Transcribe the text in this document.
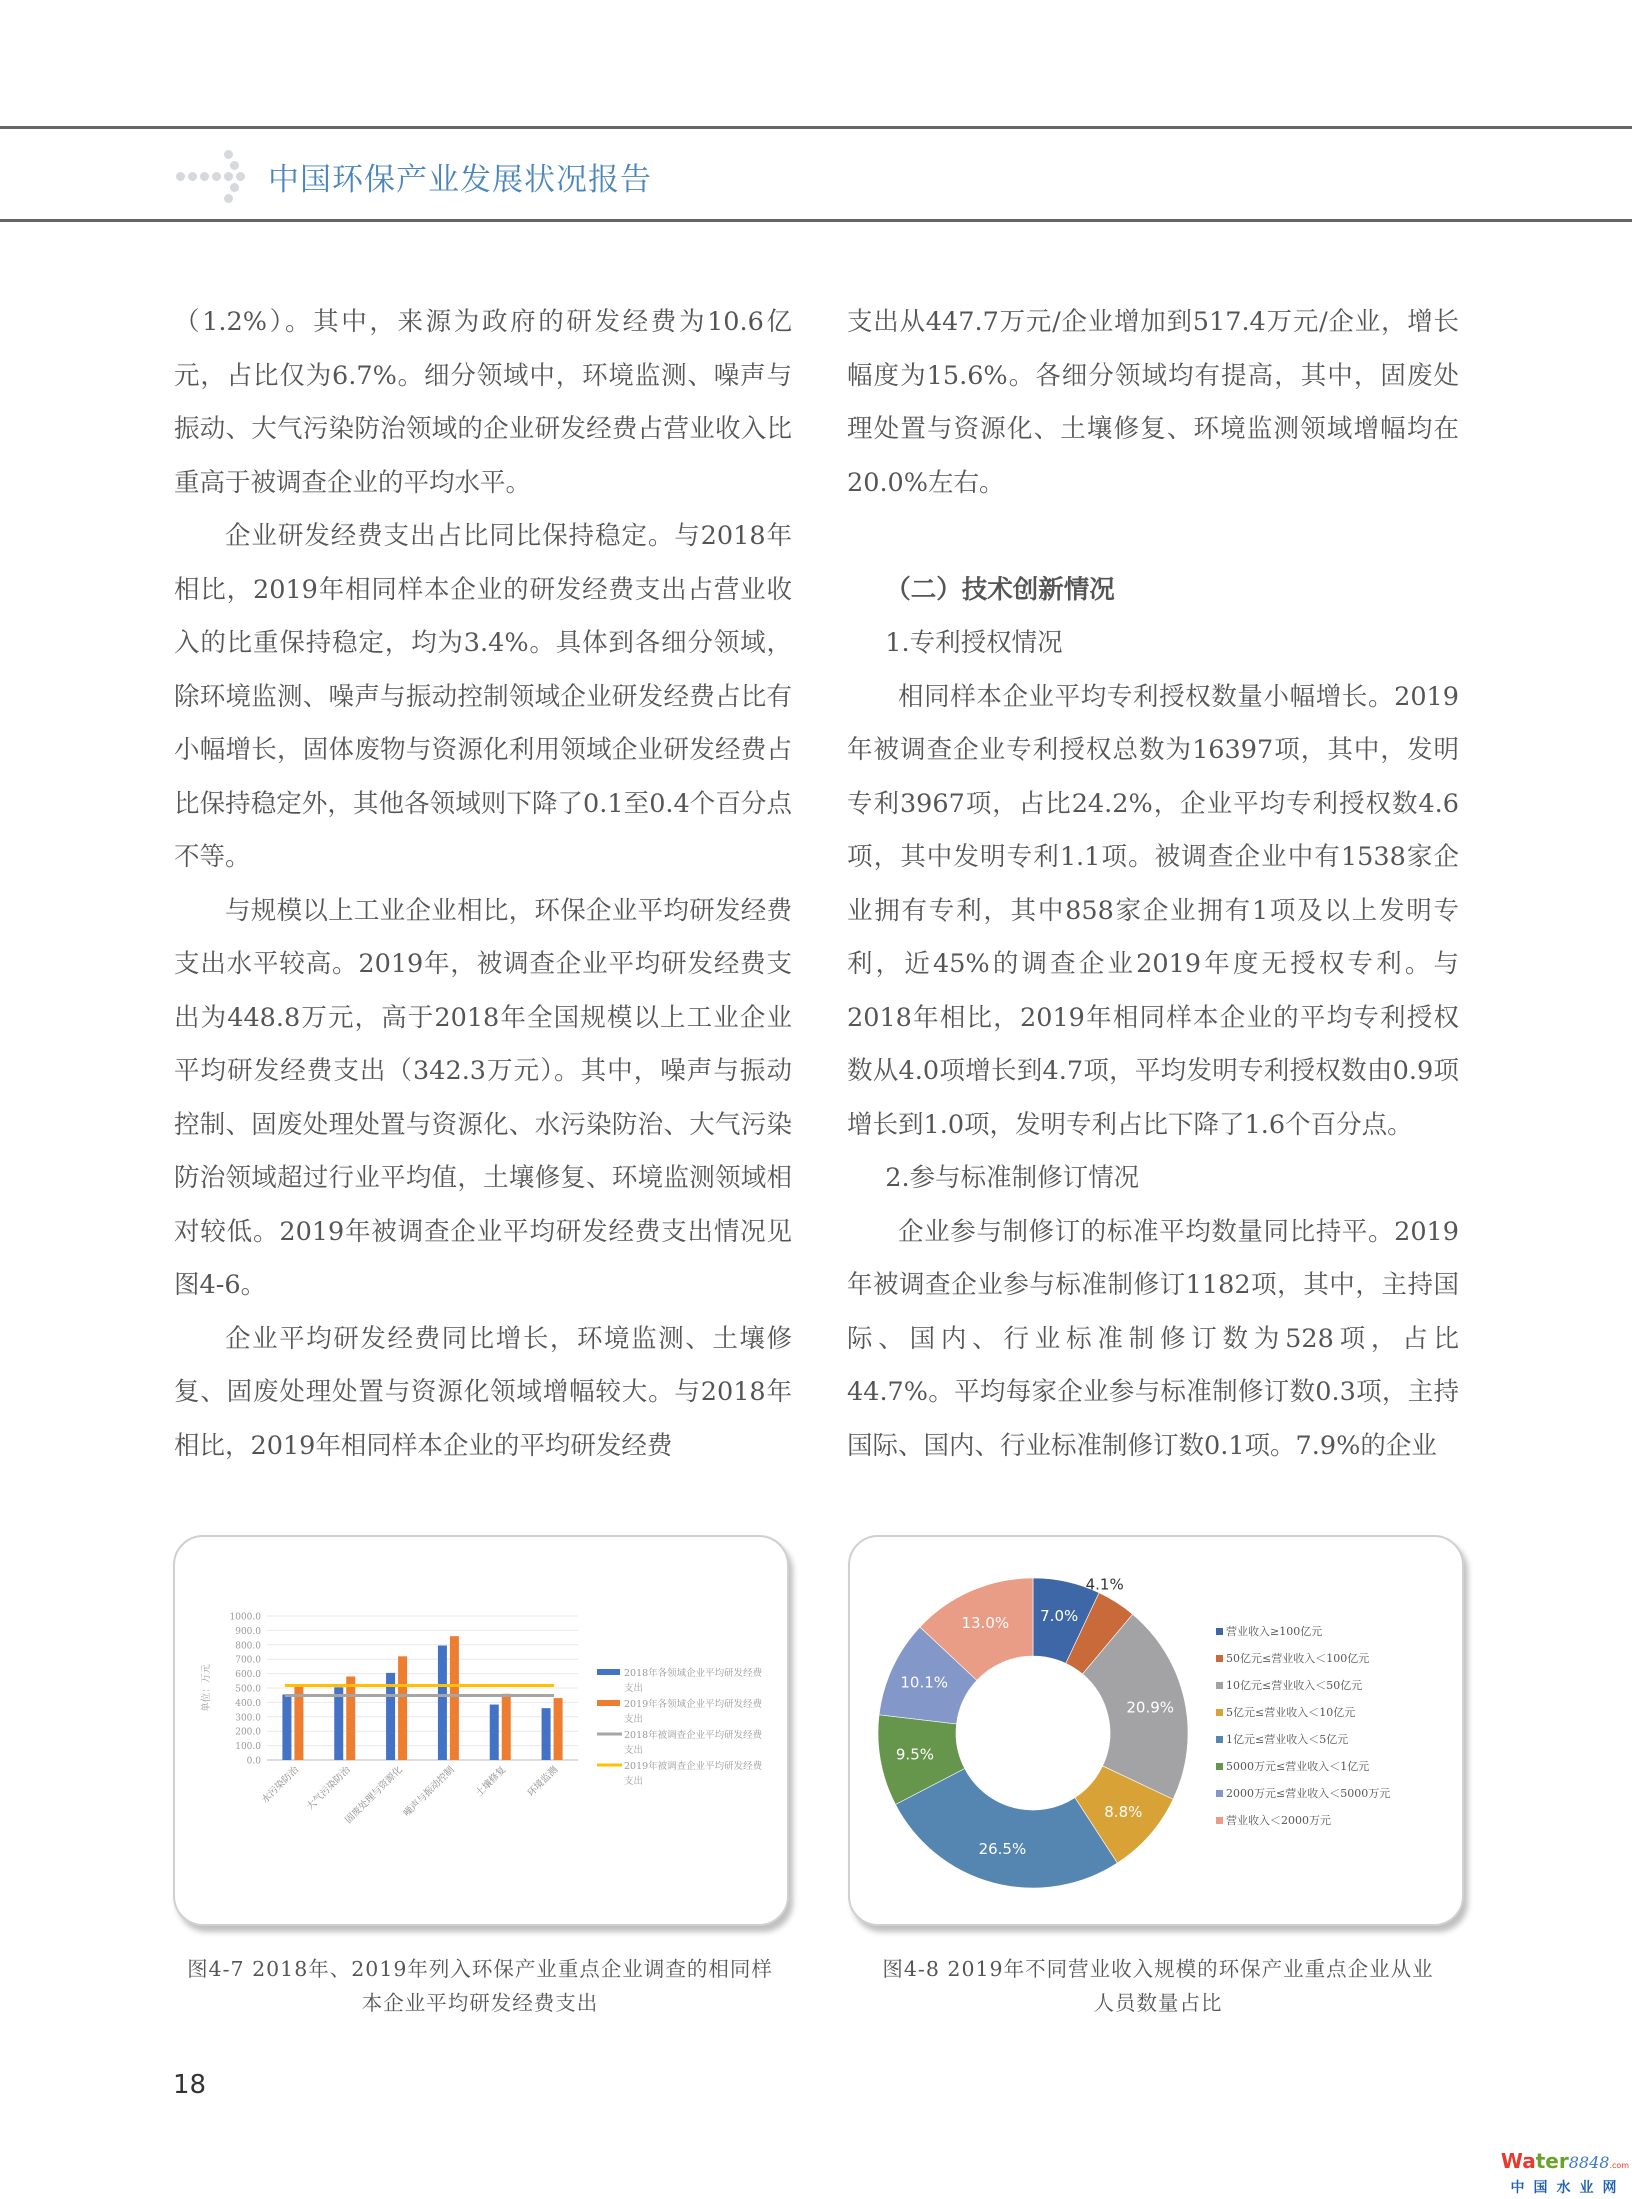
中国环保产业发展状况报告

（1.2%）。其中，来源为政府的研发经费为10.6亿元，占比仅为6.7%。细分领域中，环境监测、噪声与振动、大气污染防治领域的企业研发经费占营业收入比重高于被调查企业的平均水平。

企业研发经费支出占比同比保持稳定。与2018年相比，2019年相同样本企业的研发经费支出占营业收入的比重保持稳定，均为3.4%。具体到各细分领域，除环境监测、噪声与振动控制领域企业研发经费占比有小幅增长，固体废物与资源化利用领域企业研发经费占比保持稳定外，其他各领域则下降了0.1至0.4个百分点不等。

与规模以上工业企业相比，环保企业平均研发经费支出水平较高。2019年，被调查企业平均研发经费支出为448.8万元，高于2018年全国规模以上工业企业平均研发经费支出（342.3万元）。其中，噪声与振动控制、固废处理处置与资源化、水污染防治、大气污染防治领域超过行业平均值，土壤修复、环境监测领域相对较低。2019年被调查企业平均研发经费支出情况见图4-6。

企业平均研发经费同比增长，环境监测、土壤修复、固废处理处置与资源化领域增幅较大。与2018年相比，2019年相同样本企业的平均研发经费

支出从447.7万元/企业增加到517.4万元/企业，增长幅度为15.6%。各细分领域均有提高，其中，固废处理处置与资源化、土壤修复、环境监测领域增幅均在20.0%左右。

（二）技术创新情况

1.专利授权情况

相同样本企业平均专利授权数量小幅增长。2019年被调查企业专利授权总数为16397项，其中，发明专利3967项，占比24.2%，企业平均专利授权数4.6项，其中发明专利1.1项。被调查企业中有1538家企业拥有专利，其中858家企业拥有1项及以上发明专利，近45%的调查企业2019年度无授权专利。与2018年相比，2019年相同样本企业的平均专利授权数从4.0项增长到4.7项，平均发明专利授权数由0.9项增长到1.0项，发明专利占比下降了1.6个百分点。

2.参与标准制修订情况

企业参与制修订的标准平均数量同比持平。2019年被调查企业参与标准制修订1182项，其中，主持国际、国内、行业标准制修订数为528项，占比44.7%。平均每家企业参与标准制修订数0.3项，主持国际、国内、行业标准制修订数0.1项。7.9%的企业

0.0
100.0
200.0
300.0
400.0
500.0
600.0
700.0
800.0
900.0
1000.0
单位：万元
水污染防治 大气污染防治
固废处理与资源化
噪声与振动控制 土壤修复 环境监测
2018年各领域企业平均研发经费
支出
2019年各领域企业平均研发经费
支出
2018年被调查企业平均研发经费
支出
2019年被调查企业平均研发经费
支出
7.0%
4.1%
20.9%
8.8%
26.5%
9.5%
10.1%
13.0%	营业收入≥100亿元
50亿元≤营业收入＜100亿元
10亿元≤营业收入＜50亿元
5亿元≤营业收入＜10亿元
1亿元≤营业收入＜5亿元
5000万元≤营业收入＜1亿元
2000万元≤营业收入＜5000万元
营业收入＜2000万元
图4-7 2018年、2019年列入环保产业重点企业调查的相同样
本企业平均研发经费支出
图4-8 2019年不同营业收入规模的环保产业重点企业从业
人员数量占比
18
Water8848.com
中国水业网
